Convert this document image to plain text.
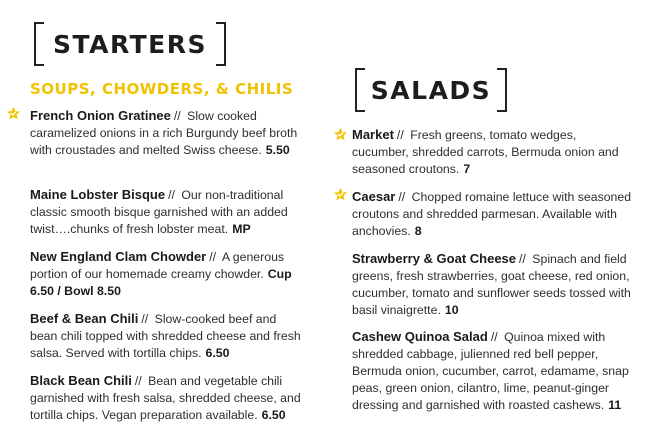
STARTERS
SOUPS, CHOWDERS, & CHILIS	SALADS
French Onion Gratinee // Slow cooked caramelized onions in a rich Burgundy beef broth with croustades and melted Swiss cheese. 5.50
Maine Lobster Bisque // Our non-traditional classic smooth bisque garnished with an added twist….chunks of fresh lobster meat. MP
New England Clam Chowder // A generous portion of our homemade creamy chowder. Cup 6.50 / Bowl 8.50
Beef & Bean Chili // Slow-cooked beef and bean chili topped with shredded cheese and fresh salsa. Served with tortilla chips. 6.50
Black Bean Chili // Bean and vegetable chili garnished with fresh salsa, shredded cheese, and tortilla chips. Vegan preparation available. 6.50
Market // Fresh greens, tomato wedges, cucumber, shredded carrots, Bermuda onion and seasoned croutons. 7
Caesar // Chopped romaine lettuce with seasoned croutons and shredded parmesan. Available with anchovies. 8
Strawberry & Goat Cheese // Spinach and field greens, fresh strawberries, goat cheese, red onion, cucumber, tomato and sunflower seeds tossed with basil vinaigrette. 10
Cashew Quinoa Salad // Quinoa mixed with shredded cabbage, julienned red bell pepper, Bermuda onion, cucumber, carrot, edamame, snap peas, green onion, cilantro, lime, peanut-ginger dressing and garnished with roasted cashews. 11
